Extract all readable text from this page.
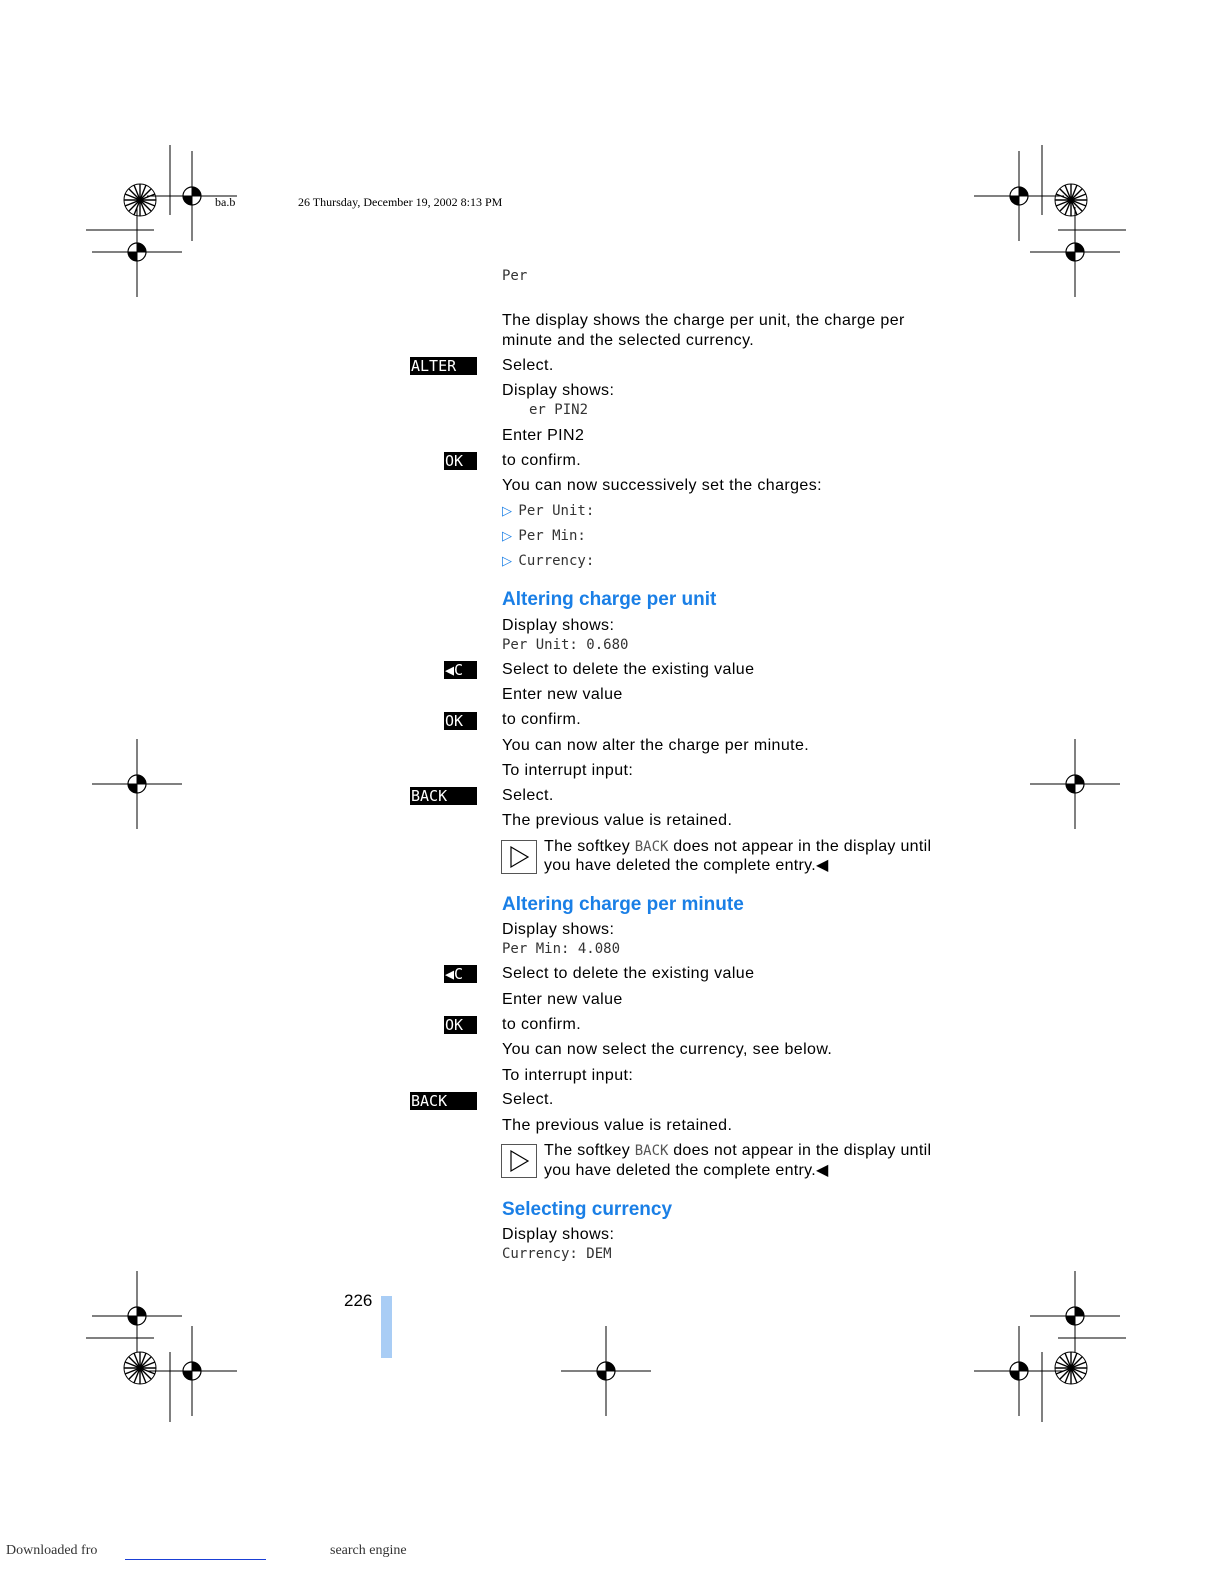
ba.b	26 Thursday, December 19, 2002 8:13 PM
Per
The display shows the charge per unit, the charge per
minute and the selected currency.
ALTER	Select.
Display shows:
er PIN2
Enter PIN2
OK	to confirm.
You can now successively set the charges:
▷ Per Unit:
▷ Per Min:
▷ Currency:
Altering charge per unit
Display shows:
Per Unit: 0.680
◀C	Select to delete the existing value
Enter new value
OK	to confirm.
You can now alter the charge per minute.
To interrupt input:
BACK	Select.
The previous value is retained.
The softkey BACK does not appear in the display until
you have deleted the complete entry.◀
Altering charge per minute
Display shows:
Per Min: 4.080
◀C	Select to delete the existing value
Enter new value
OK	to confirm.
You can now select the currency, see below.
To interrupt input:
BACK	Select.
The previous value is retained.
The softkey BACK does not appear in the display until
you have deleted the complete entry.◀
Selecting currency
Display shows:
Currency: DEM
226
Downloaded fro	search engine
